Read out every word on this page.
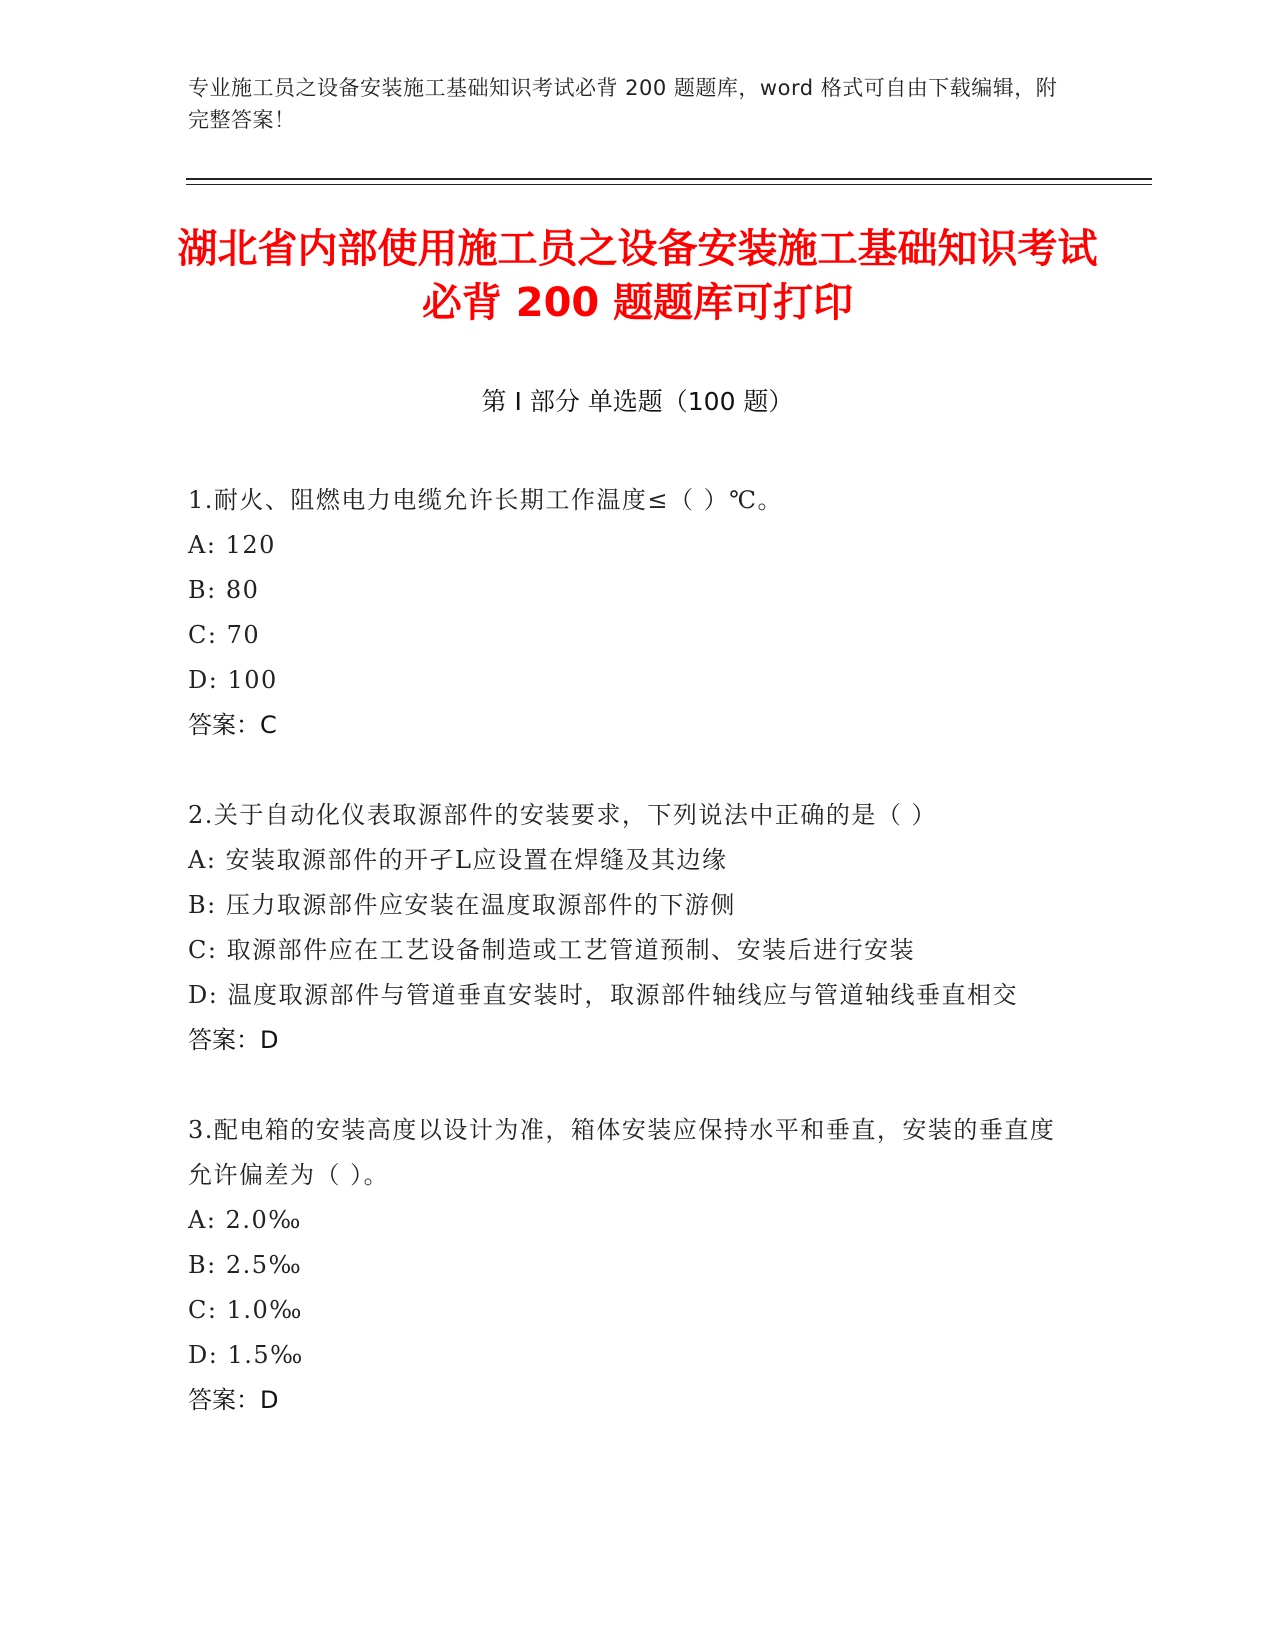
专业施工员之设备安装施工基础知识考试必背 200 题题库，word 格式可自由下载编辑，附完整答案！
湖北省内部使用施工员之设备安装施工基础知识考试必背 200 题题库可打印
第 I 部分 单选题（100 题）
1.耐火、阻燃电力电缆允许长期工作温度≤（ ）℃。
A: 120
B: 80
C: 70
D: 100
答案：C
2.关于自动化仪表取源部件的安装要求，下列说法中正确的是（ ）
A: 安装取源部件的开孑L应设置在焊缝及其边缘
B: 压力取源部件应安装在温度取源部件的下游侧
C: 取源部件应在工艺设备制造或工艺管道预制、安装后进行安装
D: 温度取源部件与管道垂直安装时，取源部件轴线应与管道轴线垂直相交
答案：D
3.配电箱的安装高度以设计为准，箱体安装应保持水平和垂直，安装的垂直度允许偏差为（ ）。
A: 2.0‰
B: 2.5‰
C: 1.0‰
D: 1.5‰
答案：D
